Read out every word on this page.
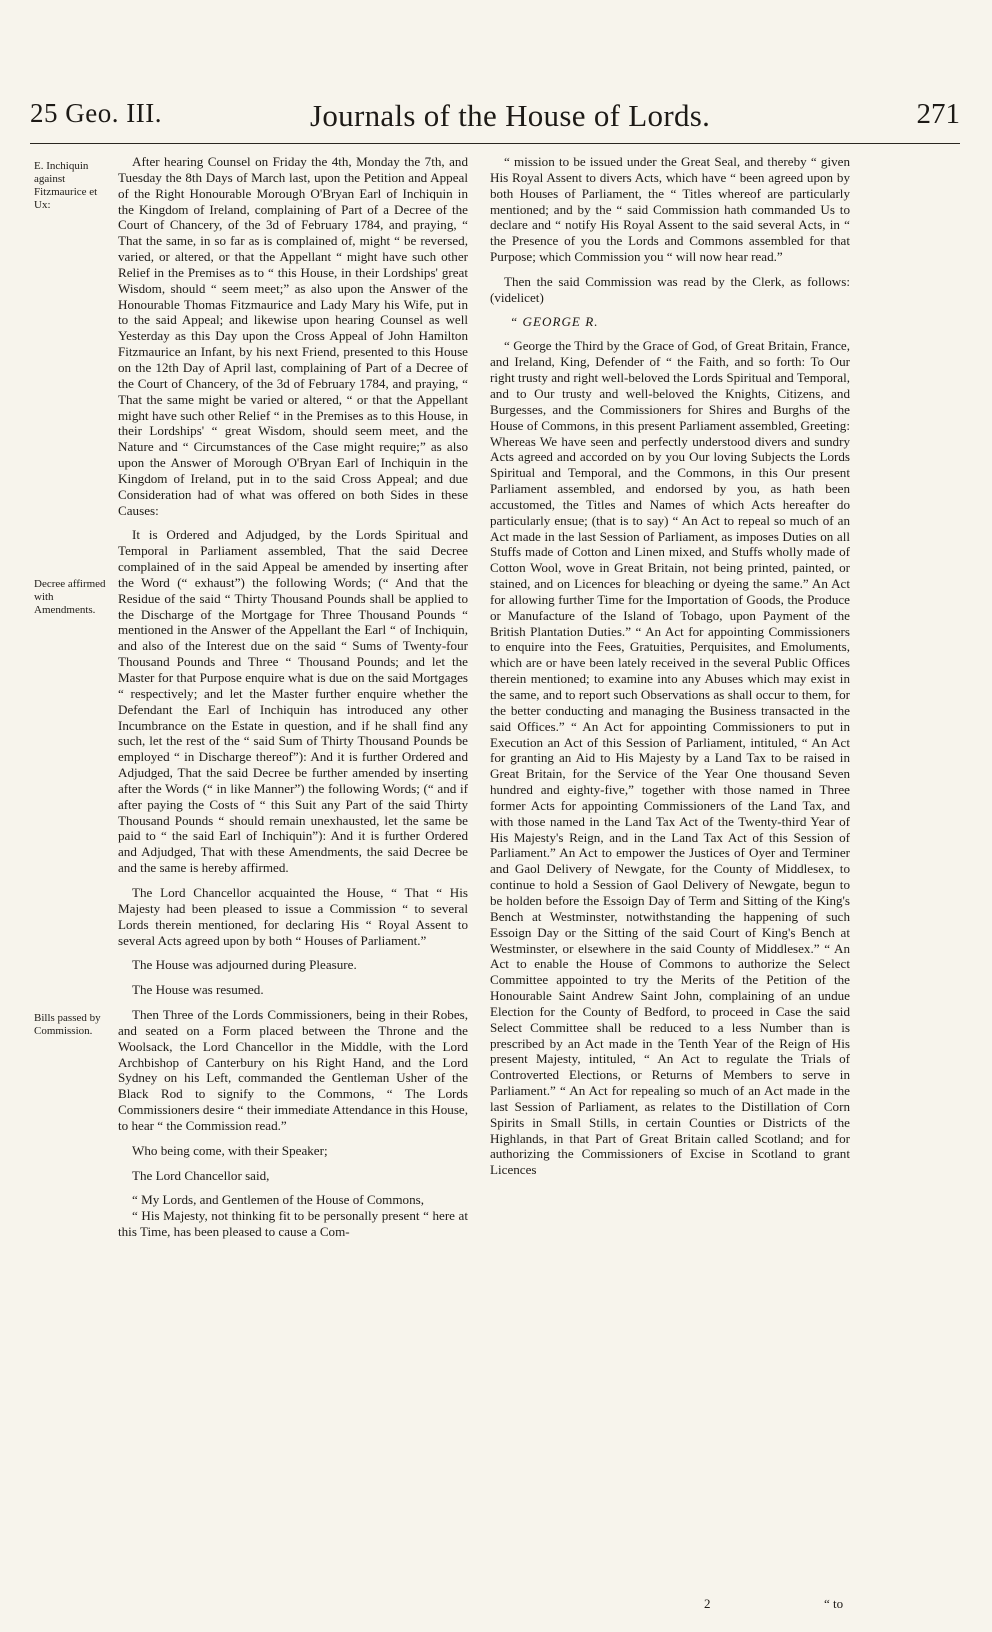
25 Geo. III.	Journals of the House of Lords.	271
E. Inchiquin against Fitzmaurice et Ux:
Decree affirmed with Amendments.
Bills passed by Commission.

After hearing Counsel on Friday the 4th, Monday the 7th, and Tuesday the 8th Days of March last, upon the Petition and Appeal of the Right Honourable Morough O'Bryan Earl of Inchiquin in the Kingdom of Ireland, complaining of Part of a Decree of the Court of Chancery, of the 3d of February 1784, and praying, “ That the same, in so far as is complained of, might “ be reversed, varied, or altered, or that the Appellant “ might have such other Relief in the Premises as to “ this House, in their Lordships' great Wisdom, should “ seem meet;” as also upon the Answer of the Honourable Thomas Fitzmaurice and Lady Mary his Wife, put in to the said Appeal; and likewise upon hearing Counsel as well Yesterday as this Day upon the Cross Appeal of John Hamilton Fitzmaurice an Infant, by his next Friend, presented to this House on the 12th Day of April last, complaining of Part of a Decree of the Court of Chancery, of the 3d of February 1784, and praying, “ That the same might be varied or altered, “ or that the Appellant might have such other Relief “ in the Premises as to this House, in their Lordships' “ great Wisdom, should seem meet, and the Nature and “ Circumstances of the Case might require;” as also upon the Answer of Morough O'Bryan Earl of Inchiquin in the Kingdom of Ireland, put in to the said Cross Appeal; and due Consideration had of what was offered on both Sides in these Causes:

It is Ordered and Adjudged, by the Lords Spiritual and Temporal in Parliament assembled, That the said Decree complained of in the said Appeal be amended by inserting after the Word (“ exhaust”) the following Words; (“ And that the Residue of the said “ Thirty Thousand Pounds shall be applied to the Discharge of the Mortgage for Three Thousand Pounds “ mentioned in the Answer of the Appellant the Earl “ of Inchiquin, and also of the Interest due on the said “ Sums of Twenty-four Thousand Pounds and Three “ Thousand Pounds; and let the Master for that Purpose enquire what is due on the said Mortgages “ respectively; and let the Master further enquire whether the Defendant the Earl of Inchiquin has introduced any other Incumbrance on the Estate in question, and if he shall find any such, let the rest of the “ said Sum of Thirty Thousand Pounds be employed “ in Discharge thereof”): And it is further Ordered and Adjudged, That the said Decree be further amended by inserting after the Words (“ in like Manner”) the following Words; (“ and if after paying the Costs of “ this Suit any Part of the said Thirty Thousand Pounds “ should remain unexhausted, let the same be paid to “ the said Earl of Inchiquin”): And it is further Ordered and Adjudged, That with these Amendments, the said Decree be and the same is hereby affirmed.

The Lord Chancellor acquainted the House, “ That “ His Majesty had been pleased to issue a Commission “ to several Lords therein mentioned, for declaring His “ Royal Assent to several Acts agreed upon by both “ Houses of Parliament.”

The House was adjourned during Pleasure.

The House was resumed.

Then Three of the Lords Commissioners, being in their Robes, and seated on a Form placed between the Throne and the Woolsack, the Lord Chancellor in the Middle, with the Lord Archbishop of Canterbury on his Right Hand, and the Lord Sydney on his Left, commanded the Gentleman Usher of the Black Rod to signify to the Commons, “ The Lords Commissioners desire “ their immediate Attendance in this House, to hear “ the Commission read.”

Who being come, with their Speaker;

The Lord Chancellor said,

“ My Lords, and Gentlemen of the House of Commons,

“ His Majesty, not thinking fit to be personally present “ here at this Time, has been pleased to cause a Com-

“ mission to be issued under the Great Seal, and thereby “ given His Royal Assent to divers Acts, which have “ been agreed upon by both Houses of Parliament, the “ Titles whereof are particularly mentioned; and by the “ said Commission hath commanded Us to declare and “ notify His Royal Assent to the said several Acts, in “ the Presence of you the Lords and Commons assembled for that Purpose; which Commission you “ will now hear read.”

Then the said Commission was read by the Clerk, as follows: (videlicet)

“ GEORGE R.

“ George the Third by the Grace of God, of Great Britain, France, and Ireland, King, Defender of “ the Faith, and so forth: To Our right trusty and right well-beloved the Lords Spiritual and Temporal, and to Our trusty and well-beloved the Knights, Citizens, and Burgesses, and the Commissioners for Shires and Burghs of the House of Commons, in this present Parliament assembled, Greeting: Whereas We have seen and perfectly understood divers and sundry Acts agreed and accorded on by you Our loving Subjects the Lords Spiritual and Temporal, and the Commons, in this Our present Parliament assembled, and endorsed by you, as hath been accustomed, the Titles and Names of which Acts hereafter do particularly ensue; (that is to say) “ An Act to repeal so much of an Act made in the last Session of Parliament, as imposes Duties on all Stuffs made of Cotton and Linen mixed, and Stuffs wholly made of Cotton Wool, wove in Great Britain, not being printed, painted, or stained, and on Licences for bleaching or dyeing the same.” An Act for allowing further Time for the Importation of Goods, the Produce or Manufacture of the Island of Tobago, upon Payment of the British Plantation Duties.” “ An Act for appointing Commissioners to enquire into the Fees, Gratuities, Perquisites, and Emoluments, which are or have been lately received in the several Public Offices therein mentioned; to examine into any Abuses which may exist in the same, and to report such Observations as shall occur to them, for the better conducting and managing the Business transacted in the said Offices.” “ An Act for appointing Commissioners to put in Execution an Act of this Session of Parliament, intituled, “ An Act for granting an Aid to His Majesty by a Land Tax to be raised in Great Britain, for the Service of the Year One thousand Seven hundred and eighty-five,” together with those named in Three former Acts for appointing Commissioners of the Land Tax, and with those named in the Land Tax Act of the Twenty-third Year of His Majesty's Reign, and in the Land Tax Act of this Session of Parliament.” An Act to empower the Justices of Oyer and Terminer and Gaol Delivery of Newgate, for the County of Middlesex, to continue to hold a Session of Gaol Delivery of Newgate, begun to be holden before the Essoign Day of Term and Sitting of the King's Bench at Westminster, notwithstanding the happening of such Essoign Day or the Sitting of the said Court of King's Bench at Westminster, or elsewhere in the said County of Middlesex.” “ An Act to enable the House of Commons to authorize the Select Committee appointed to try the Merits of the Petition of the Honourable Saint Andrew Saint John, complaining of an undue Election for the County of Bedford, to proceed in Case the said Select Committee shall be reduced to a less Number than is prescribed by an Act made in the Tenth Year of the Reign of His present Majesty, intituled, “ An Act to regulate the Trials of Controverted Elections, or Returns of Members to serve in Parliament.” “ An Act for repealing so much of an Act made in the last Session of Parliament, as relates to the Distillation of Corn Spirits in Small Stills, in certain Counties or Districts of the Highlands, in that Part of Great Britain called Scotland; and for authorizing the Commissioners of Excise in Scotland to grant Licences

2	“ to
